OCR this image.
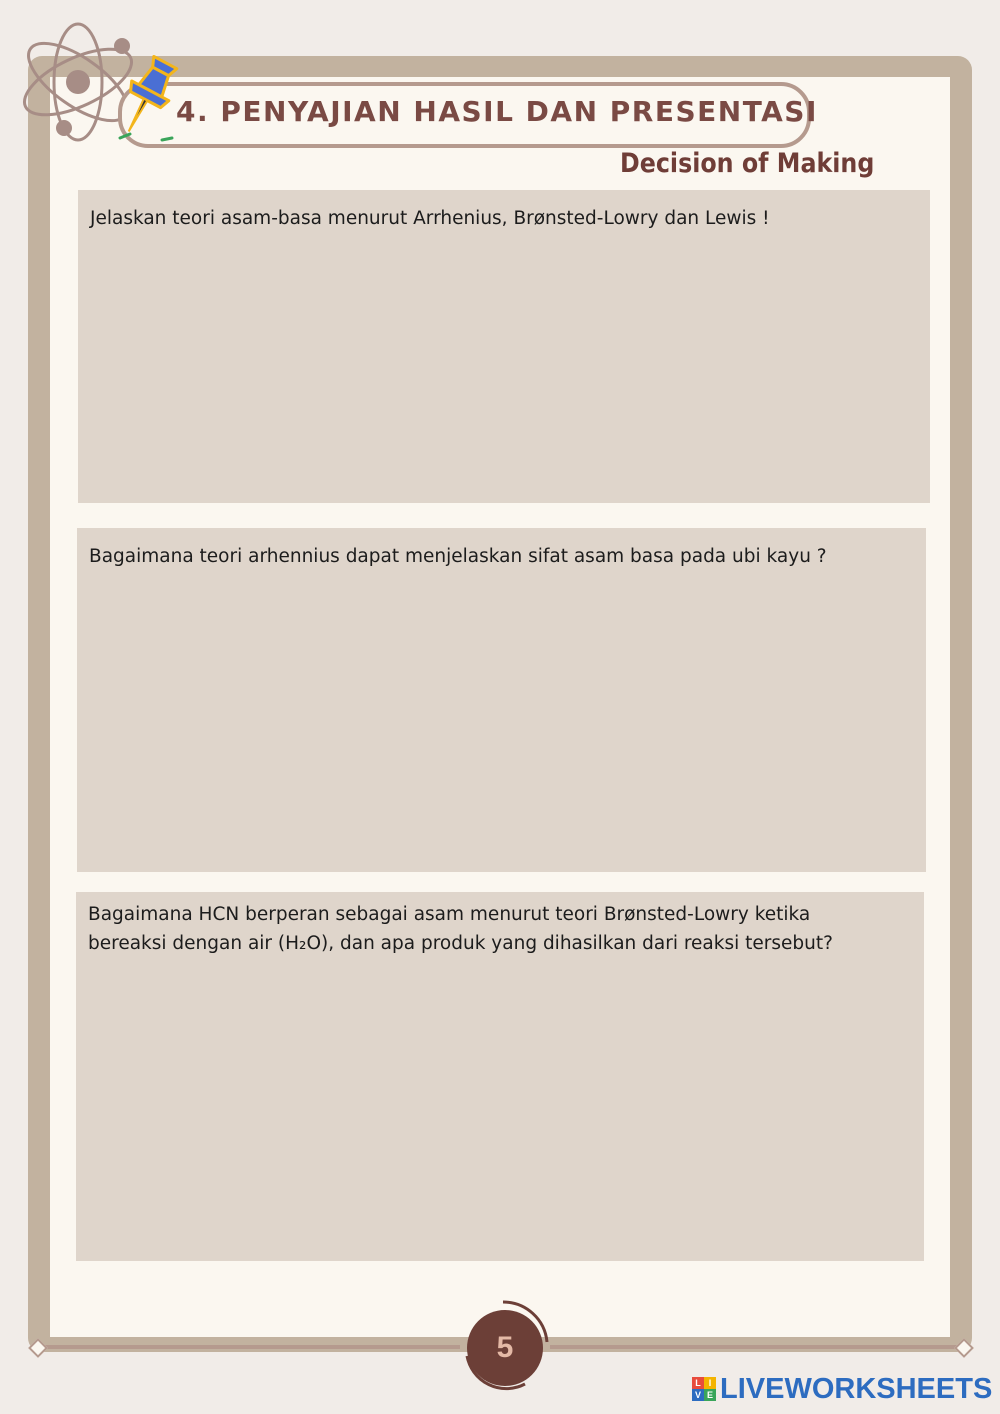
4. PENYAJIAN HASIL DAN PRESENTASI
Decision of Making
Jelaskan teori asam-basa menurut Arrhenius, Brønsted-Lowry dan Lewis !
Bagaimana teori arhennius dapat menjelaskan sifat asam basa pada ubi kayu ?
Bagaimana HCN berperan sebagai asam menurut teori Brønsted-Lowry ketika bereaksi dengan air (H₂O), dan apa produk yang dihasilkan dari reaksi tersebut?
5
L I
V E LIVEWORKSHEETS
